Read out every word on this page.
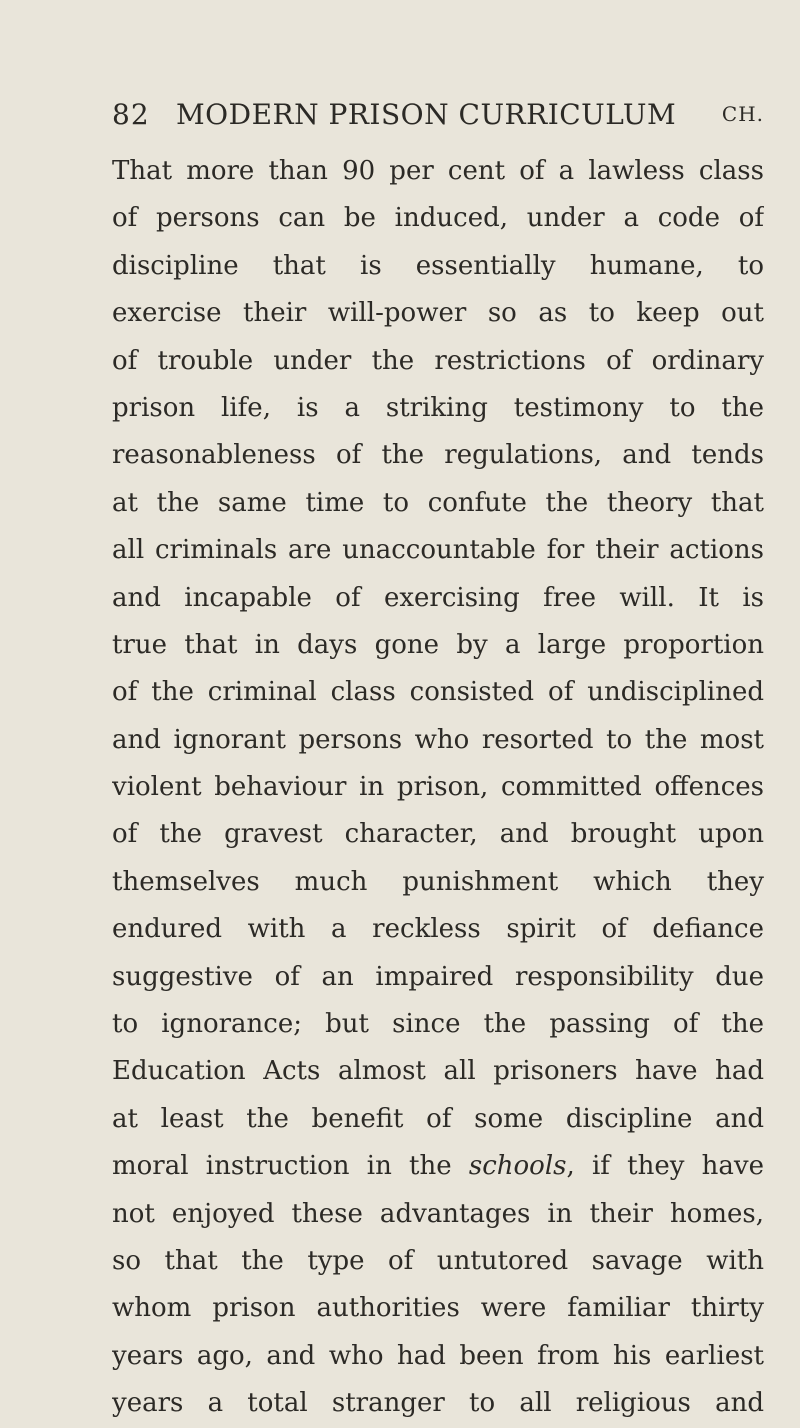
82 MODERN PRISON CURRICULUM CH.
That more than 90 per cent of a lawless class
of persons can be induced, under a code of
discipline that is essentially humane, to
exercise their will-power so as to keep out
of trouble under the restrictions of ordinary
prison life, is a striking testimony to the
reasonableness of the regulations, and tends
at the same time to confute the theory that
all criminals are unaccountable for their actions
and incapable of exercising free will. It is
true that in days gone by a large proportion
of the criminal class consisted of undisciplined
and ignorant persons who resorted to the most
violent behaviour in prison, committed offences
of the gravest character, and brought upon
themselves much punishment which they
endured with a reckless spirit of defiance
suggestive of an impaired responsibility due
to ignorance; but since the passing of the
Education Acts almost all prisoners have had
at least the benefit of some discipline and
moral instruction in the schools, if they have
not enjoyed these advantages in their homes,
so that the type of untutored savage with
whom prison authorities were familiar thirty
years ago, and who had been from his earliest
years a total stranger to all religious and
